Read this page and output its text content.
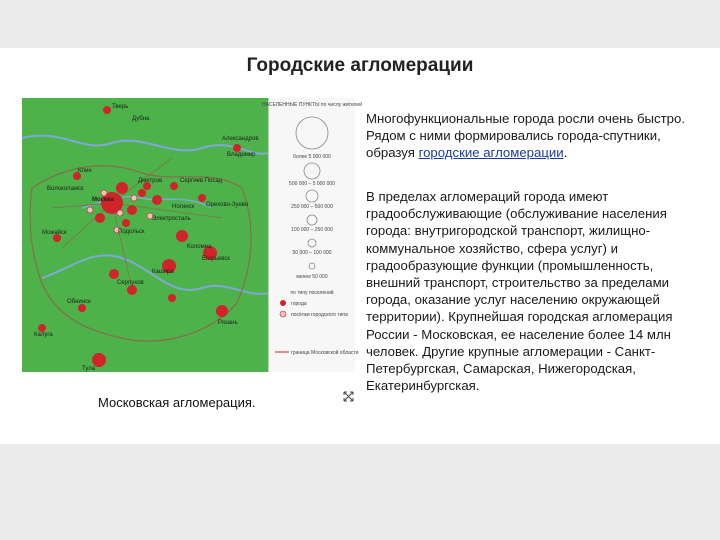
Городские агломерации
Москва
Тверь
Клин
Дмитров	Сергиев Посад
Владимир
Ногинск
Подольск
Серпухов
Коломна
Кашира
Тула
Калуга
Обнинск
Рязань
Егорьевск
Можайск
Волоколамск
Орехово-Зуево
Дубна
Александров
Электросталь
НАСЕЛЕННЫЕ ПУНКТЫ по числу жителей
более 5 000 000
500 000 – 5 000 000
250 000 – 500 000
100 000 – 250 000
50 000 – 100 000
менее 50 000
по типу поселений
города
посёлки городского типа
граница Московской области
Московская агломерация.

Многофункциональные города росли очень быстро. Рядом с ними формировались города-спутники, образуя городские агломерации.

В пределах агломераций города имеют градообслуживающие (обслуживание населения города: внутригородской транспорт, жилищно-коммунальное хозяйство, сфера услуг) и градообразующие функции (промышленность, внешний транспорт, строительство за пределами города, оказание услуг населению окружающей территории). Крупнейшая городская агломерация России - Московская, ее население более 14 млн человек. Другие крупные агломерации - Санкт-Петербургская, Самарская, Нижегородская, Екатеринбургская.
